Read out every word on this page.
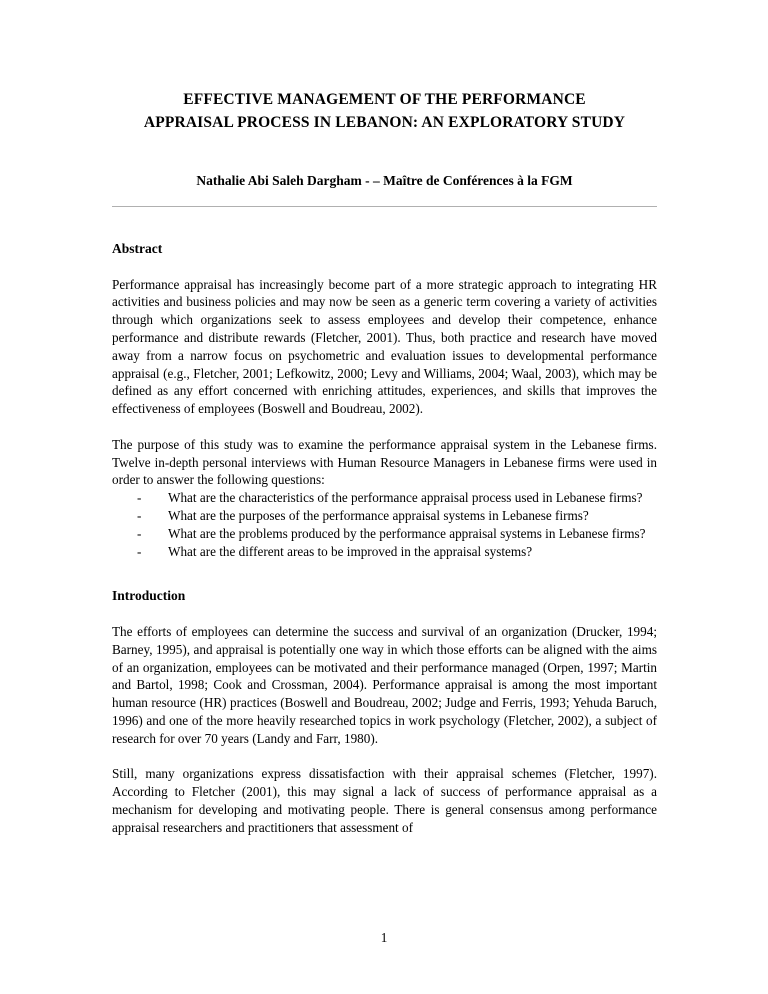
EFFECTIVE MANAGEMENT OF THE PERFORMANCE
APPRAISAL PROCESS IN LEBANON: AN EXPLORATORY STUDY
Nathalie Abi Saleh Dargham - – Maître de Conférences à la FGM
Abstract

Performance appraisal has increasingly become part of a more strategic approach to integrating HR activities and business policies and may now be seen as a generic term covering a variety of activities through which organizations seek to assess employees and develop their competence, enhance performance and distribute rewards (Fletcher, 2001). Thus, both practice and research have moved away from a narrow focus on psychometric and evaluation issues to developmental performance appraisal (e.g., Fletcher, 2001; Lefkowitz, 2000; Levy and Williams, 2004; Waal, 2003), which may be defined as any effort concerned with enriching attitudes, experiences, and skills that improves the effectiveness of employees (Boswell and Boudreau, 2002).

The purpose of this study was to examine the performance appraisal system in the Lebanese firms. Twelve in-depth personal interviews with Human Resource Managers in Lebanese firms were used in order to answer the following questions:

- What are the characteristics of the performance appraisal process used in Lebanese firms?
- What are the purposes of the performance appraisal systems in Lebanese firms?
- What are the problems produced by the performance appraisal systems in Lebanese firms?
- What are the different areas to be improved in the appraisal systems?
Introduction

The efforts of employees can determine the success and survival of an organization (Drucker, 1994; Barney, 1995), and appraisal is potentially one way in which those efforts can be aligned with the aims of an organization, employees can be motivated and their performance managed (Orpen, 1997; Martin and Bartol, 1998; Cook and Crossman, 2004). Performance appraisal is among the most important human resource (HR) practices (Boswell and Boudreau, 2002; Judge and Ferris, 1993; Yehuda Baruch, 1996) and one of the more heavily researched topics in work psychology (Fletcher, 2002), a subject of research for over 70 years (Landy and Farr, 1980).

Still, many organizations express dissatisfaction with their appraisal schemes (Fletcher, 1997). According to Fletcher (2001), this may signal a lack of success of performance appraisal as a mechanism for developing and motivating people. There is general consensus among performance appraisal researchers and practitioners that assessment of

1
